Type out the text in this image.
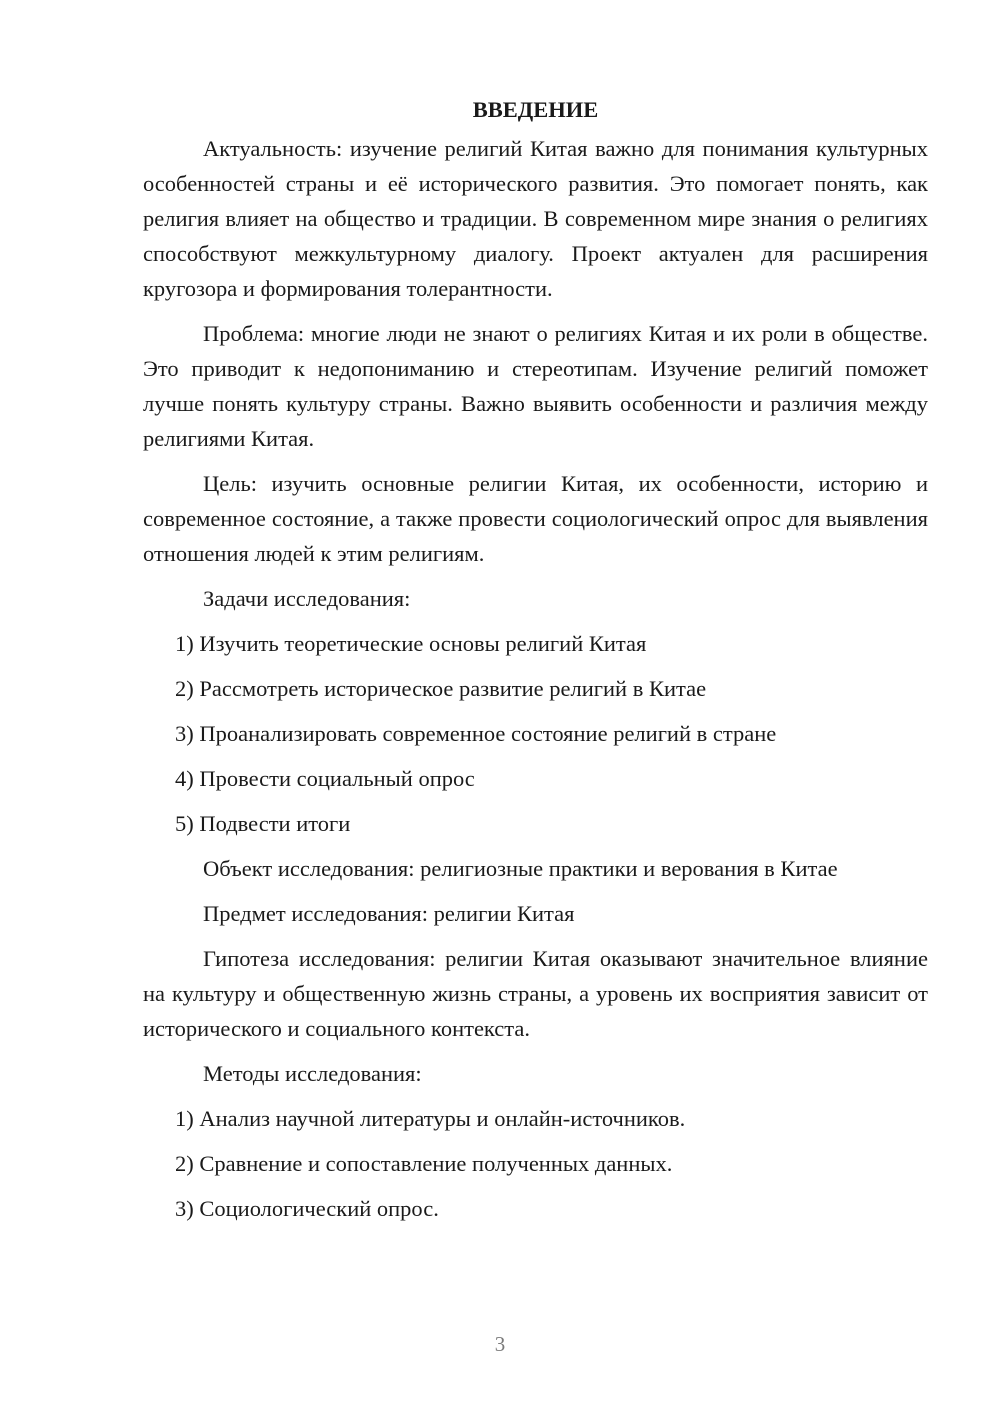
ВВЕДЕНИЕ

Актуальность: изучение религий Китая важно для понимания культурных особенностей страны и её исторического развития. Это помогает понять, как религия влияет на общество и традиции. В современном мире знания о религиях способствуют межкультурному диалогу. Проект актуален для расширения кругозора и формирования толерантности.

Проблема: многие люди не знают о религиях Китая и их роли в обществе. Это приводит к недопониманию и стереотипам. Изучение религий поможет лучше понять культуру страны. Важно выявить особенности и различия между религиями Китая.

Цель: изучить основные религии Китая, их особенности, историю и современное состояние, а также провести социологический опрос для выявления отношения людей к этим религиям.

Задачи исследования:
1) Изучить теоретические основы религий Китая
2) Рассмотреть историческое развитие религий в Китае
3) Проанализировать современное состояние религий в стране
4) Провести социальный опрос
5) Подвести итоги
Объект исследования: религиозные практики и верования в Китае
Предмет исследования: религии Китая

Гипотеза исследования: религии Китая оказывают значительное влияние на культуру и общественную жизнь страны, а уровень их восприятия зависит от исторического и социального контекста.

Методы исследования:
1) Анализ научной литературы и онлайн-источников.
2) Сравнение и сопоставление полученных данных.
3) Социологический опрос.
3
